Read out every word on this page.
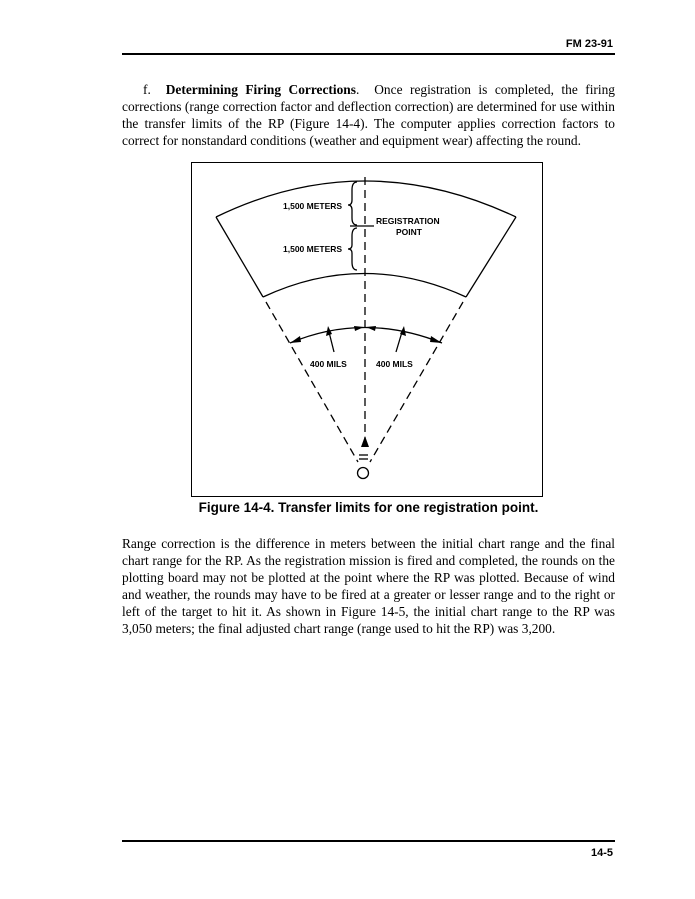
FM 23-91
f. Determining Firing Corrections. Once registration is completed, the firing corrections (range correction factor and deflection correction) are determined for use within the transfer limits of the RP (Figure 14-4). The computer applies correction factors to correct for nonstandard conditions (weather and equipment wear) affecting the round.
1,500 METERS
1,500 METERS
REGISTRATION
POINT
400 MILS	400 MILS
Figure 14-4. Transfer limits for one registration point.
Range correction is the difference in meters between the initial chart range and the final chart range for the RP. As the registration mission is fired and completed, the rounds on the plotting board may not be plotted at the point where the RP was plotted. Because of wind and weather, the rounds may have to be fired at a greater or lesser range and to the right or left of the target to hit it. As shown in Figure 14-5, the initial chart range to the RP was 3,050 meters; the final adjusted chart range (range used to hit the RP) was 3,200.
14-5
